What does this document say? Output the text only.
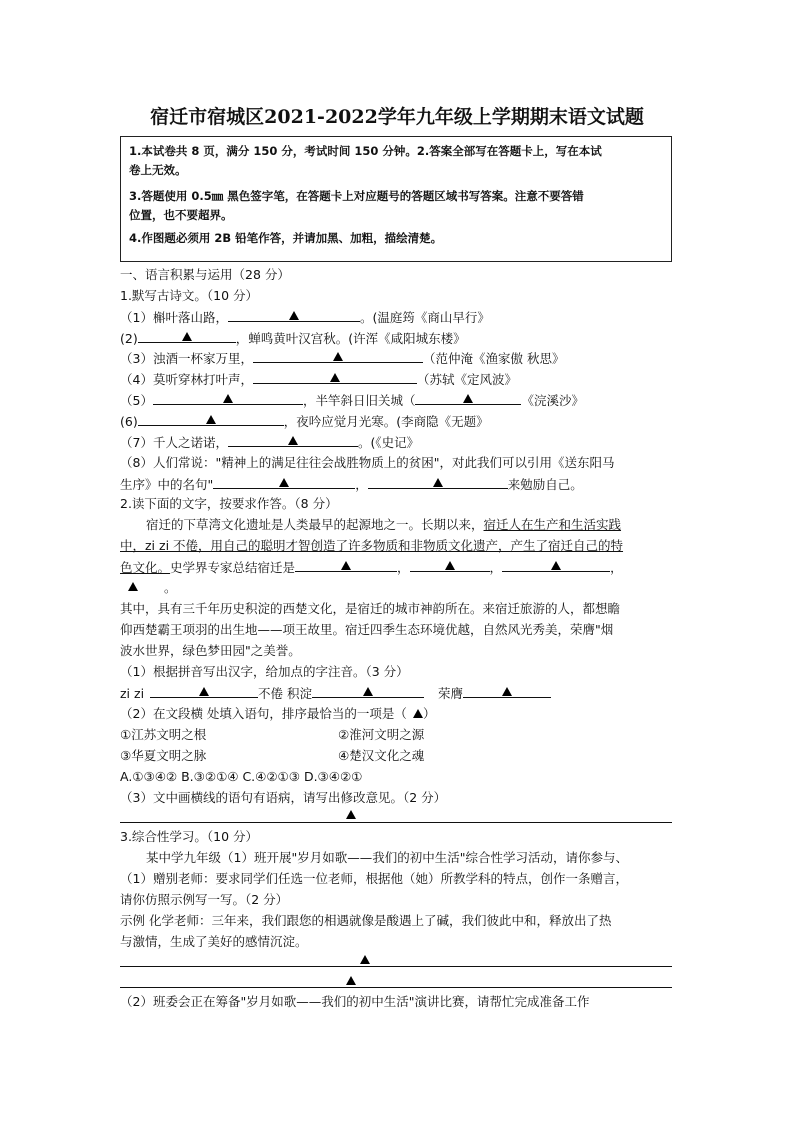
宿迁市宿城区2021-2022学年九年级上学期期末语文试题
1.本试卷共 8 页，满分 150 分，考试时间 150 分钟。2.答案全部写在答题卡上，写在本试
卷上无效。
3.答题使用 0.5㎜ 黑色签字笔，在答题卡上对应题号的答题区域书写答案。注意不要答错
位置，也不要超界。
4.作图题必须用 2B 铅笔作答，并请加黑、加粗，描绘清楚。
一、语言积累与运用（28 分）
1.默写古诗文。（10 分）
（1）槲叶落山路，	。(温庭筠《商山早行》
(2)	，蝉鸣黄叶汉宫秋。(许浑《咸阳城东楼》
（3）浊酒一杯家万里，	（范仲淹《渔家傲 秋思》
（4）莫听穿林打叶声，	（苏轼《定风波》
（5）	，半竿斜日旧关城（	《浣溪沙》
(6)	，夜吟应觉月光寒。(李商隐《无题》
（7）千人之诺诺，	。(《史记》
（8）人们常说："精神上的满足往往会战胜物质上的贫困"，对此我们可以引用《送东阳马
生序》中的名句"	，	来勉励自己。
2.读下面的文字，按要求作答。（8 分）
宿迁的下草湾文化遗址是人类最早的起源地之一。长期以来，宿迁人在生产和生活实践
中，zi zi 不倦，用自己的聪明才智创造了许多物质和非物质文化遗产，产生了宿迁自己的特
色文化。史学界专家总结宿迁是	，	，	，
。
其中，具有三千年历史积淀的西楚文化，是宿迁的城市神韵所在。来宿迁旅游的人，都想瞻
仰西楚霸王项羽的出生地——项王故里。宿迁四季生态环境优越，自然风光秀美，荣膺"烟
波水世界，绿色梦田园"之美誉。
（1）根据拼音写出汉字，给加点的字注音。（3 分）
zi zi	不倦 积淀	荣膺
（2）在文段横 处填入语句，排序最恰当的一项是（ ）
①江苏文明之根	②淮河文明之源
③华夏文明之脉	④楚汉文化之魂
A.①③④② B.③②①④ C.④②①③ D.③④②①
（3）文中画横线的语句有语病，请写出修改意见。（2 分）
3.综合性学习。（10 分）
某中学九年级（1）班开展"岁月如歌——我们的初中生活"综合性学习活动，请你参与、
（1）赠别老师：要求同学们任选一位老师，根据他（她）所教学科的特点，创作一条赠言，
请你仿照示例写一写。（2 分）
示例 化学老师：三年来，我们跟您的相遇就像是酸遇上了碱，我们彼此中和，释放出了热
与激情，生成了美好的感情沉淀。
（2）班委会正在筹备"岁月如歌——我们的初中生活"演讲比赛，请帮忙完成准备工作
